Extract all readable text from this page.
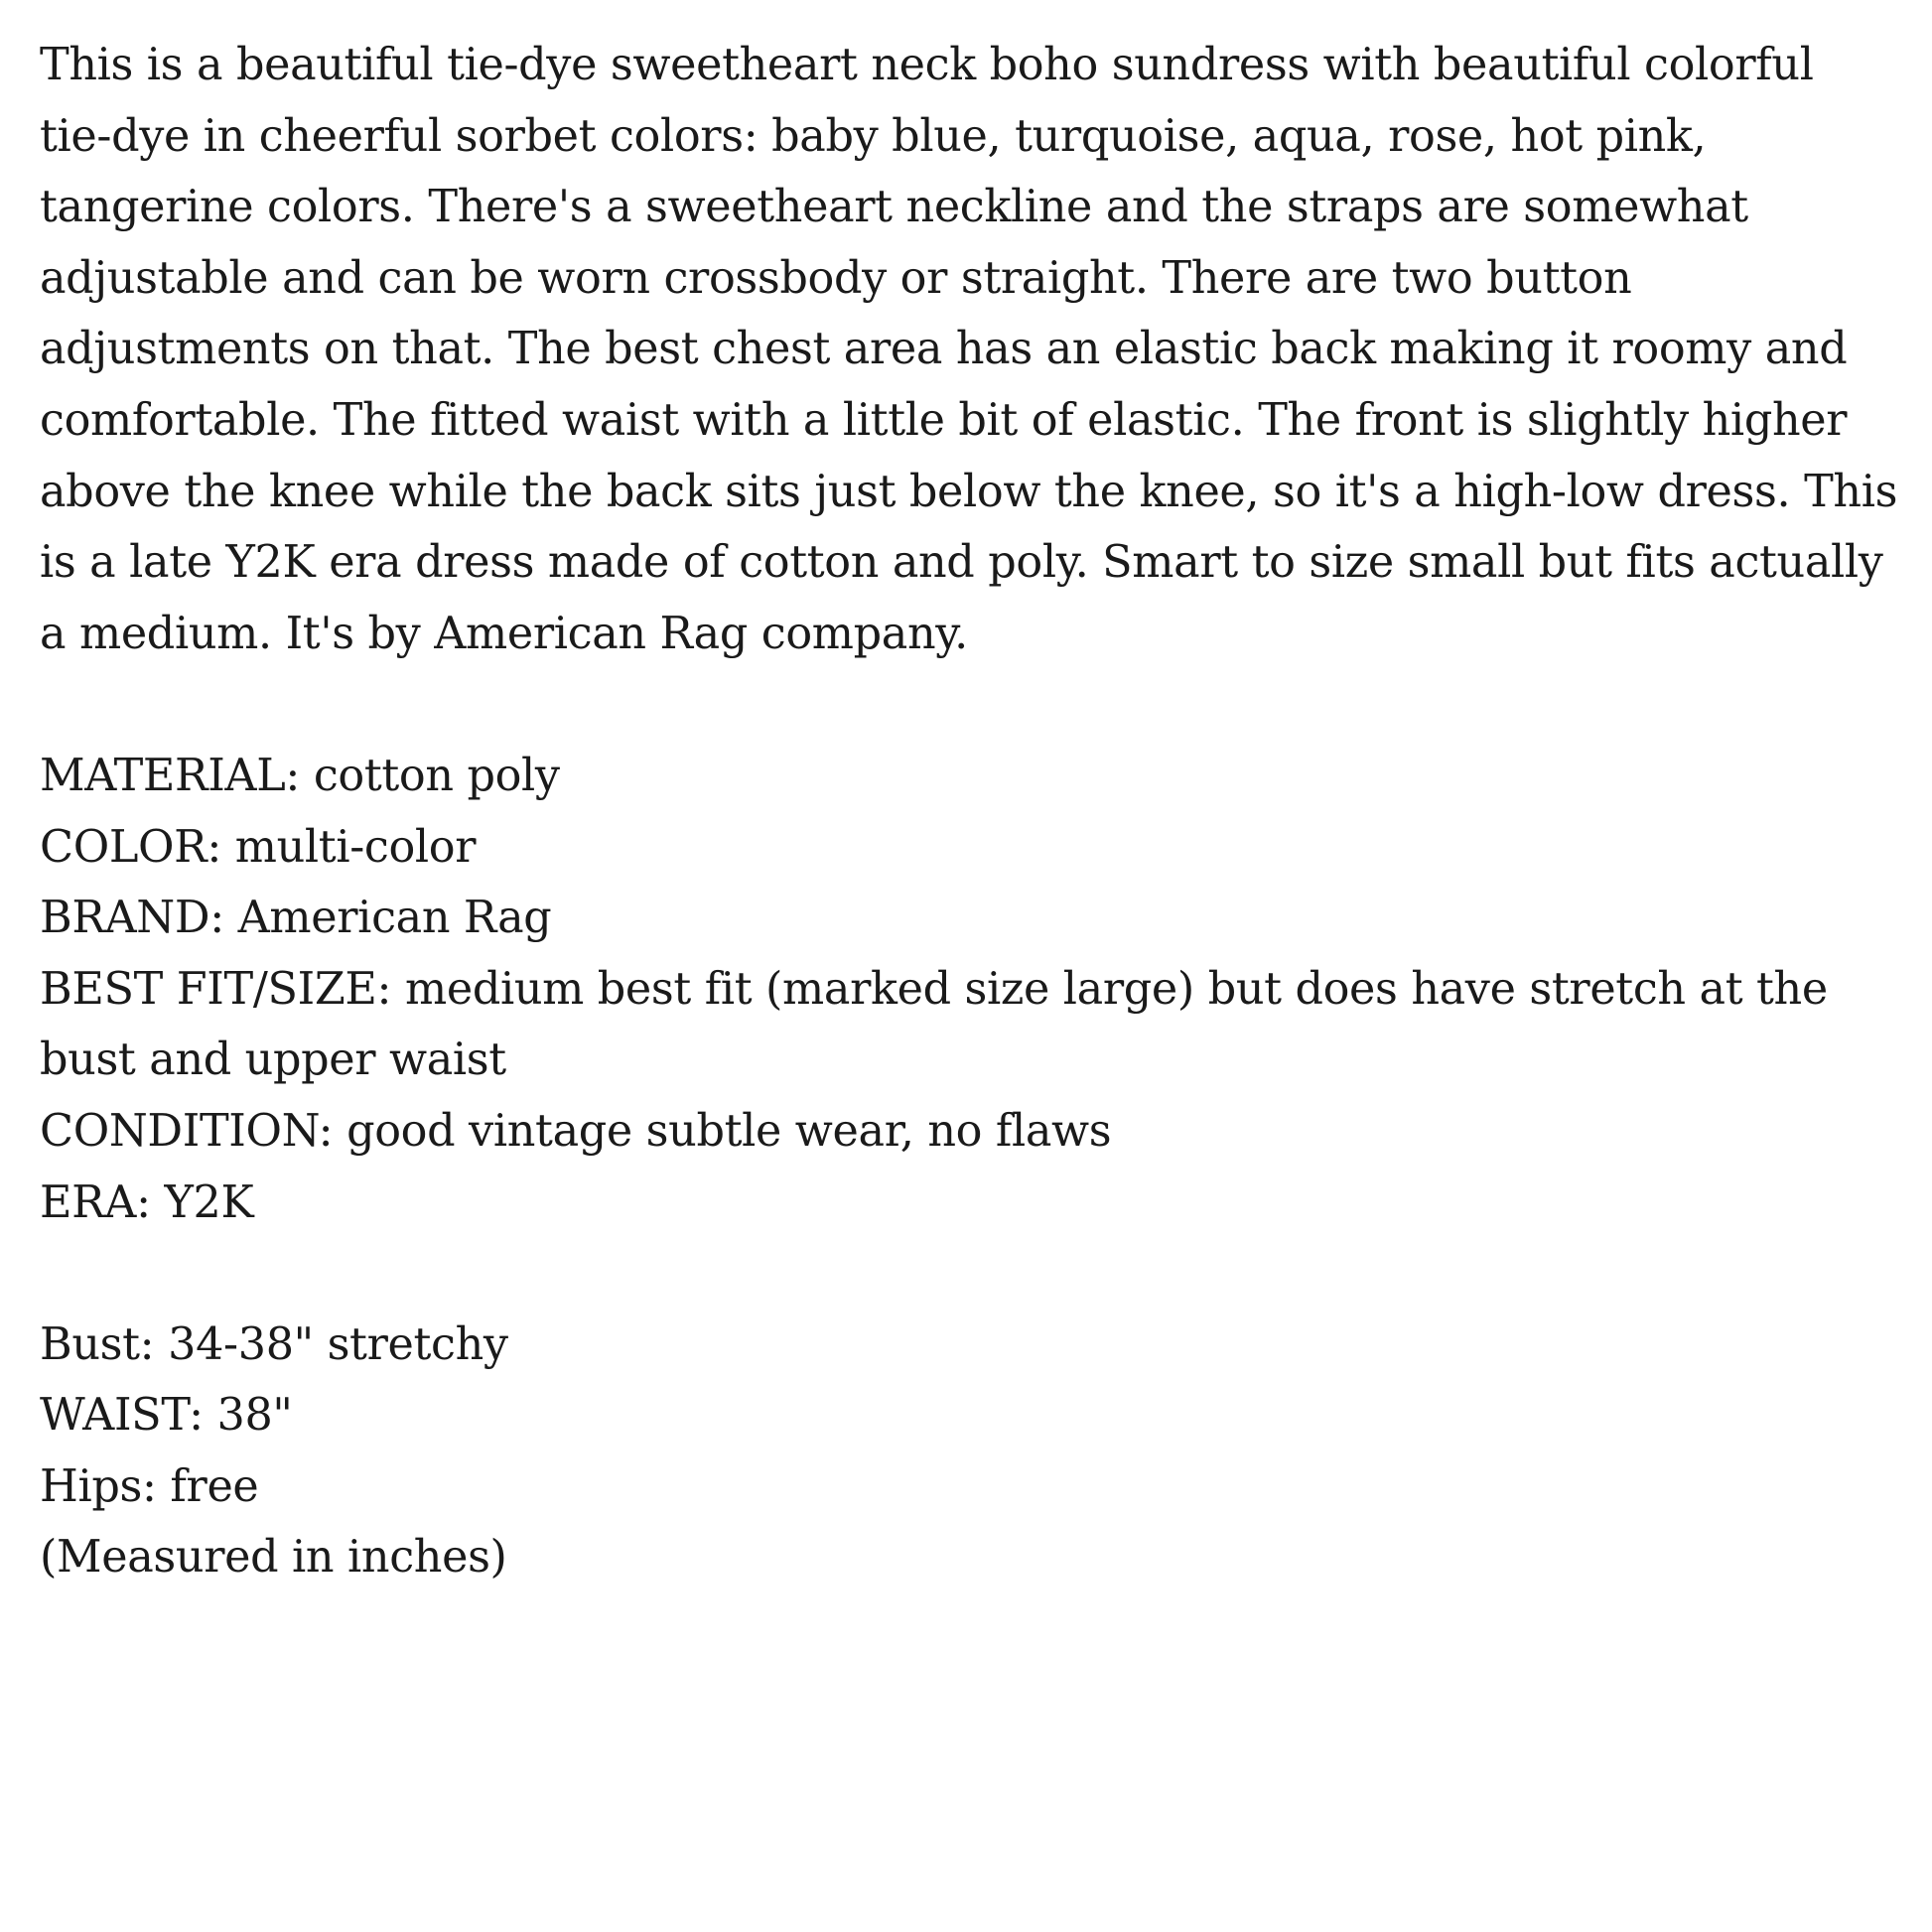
This is a beautiful tie-dye sweetheart neck boho sundress with beautiful colorful
tie-dye in cheerful sorbet colors: baby blue, turquoise, aqua, rose, hot pink,
tangerine colors. There's a sweetheart neckline and the straps are somewhat
adjustable and can be worn crossbody or straight. There are two button
adjustments on that. The best chest area has an elastic back making it roomy and
comfortable. The fitted waist with a little bit of elastic. The front is slightly higher
above the knee while the back sits just below the knee, so it's a high-low dress. This
is a late Y2K era dress made of cotton and poly. Smart to size small but fits actually
a medium. It's by American Rag company.
MATERIAL: cotton poly
COLOR: multi-color
BRAND: American Rag
BEST FIT/SIZE: medium best fit (marked size large) but does have stretch at the
bust and upper waist
CONDITION: good vintage subtle wear, no flaws
ERA: Y2K
Bust: 34-38" stretchy
WAIST: 38"
Hips: free
(Measured in inches)
